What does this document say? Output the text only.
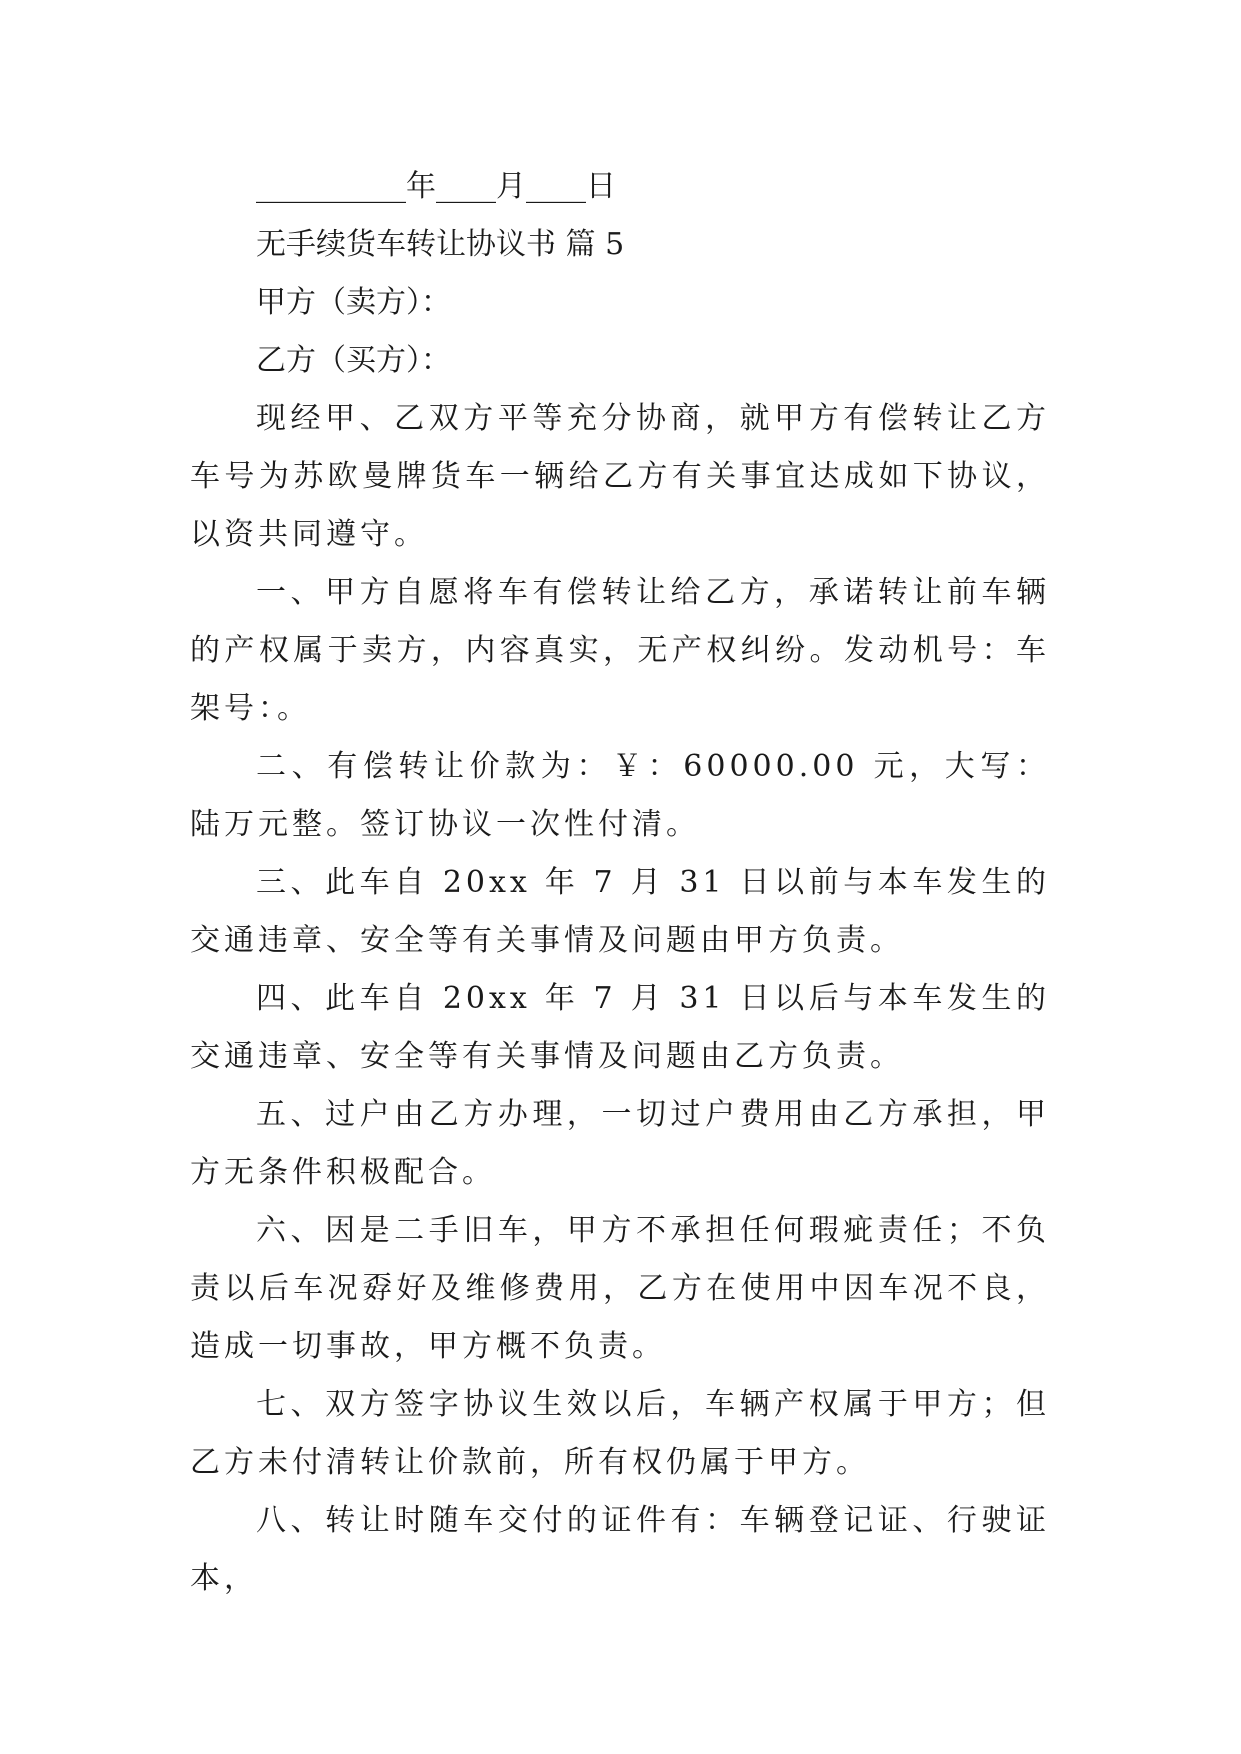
__________年____月____日
无手续货车转让协议书 篇 5
甲方（卖方）：
乙方（买方）：
现经甲、乙双方平等充分协商，就甲方有偿转让乙方车号为苏欧曼牌货车一辆给乙方有关事宜达成如下协议，以资共同遵守。
一、甲方自愿将车有偿转让给乙方，承诺转让前车辆的产权属于卖方，内容真实，无产权纠纷。发动机号：车架号：。
二、有偿转让价款为：￥：60000.00 元，大写：陆万元整。签订协议一次性付清。
三、此车自 20xx 年 7 月 31 日以前与本车发生的交通违章、安全等有关事情及问题由甲方负责。
四、此车自 20xx 年 7 月 31 日以后与本车发生的交通违章、安全等有关事情及问题由乙方负责。
五、过户由乙方办理，一切过户费用由乙方承担，甲方无条件积极配合。
六、因是二手旧车，甲方不承担任何瑕疵责任；不负责以后车况孬好及维修费用，乙方在使用中因车况不良，造成一切事故，甲方概不负责。
七、双方签字协议生效以后，车辆产权属于甲方；但乙方未付清转让价款前，所有权仍属于甲方。
八、转让时随车交付的证件有：车辆登记证、行驶证本，
